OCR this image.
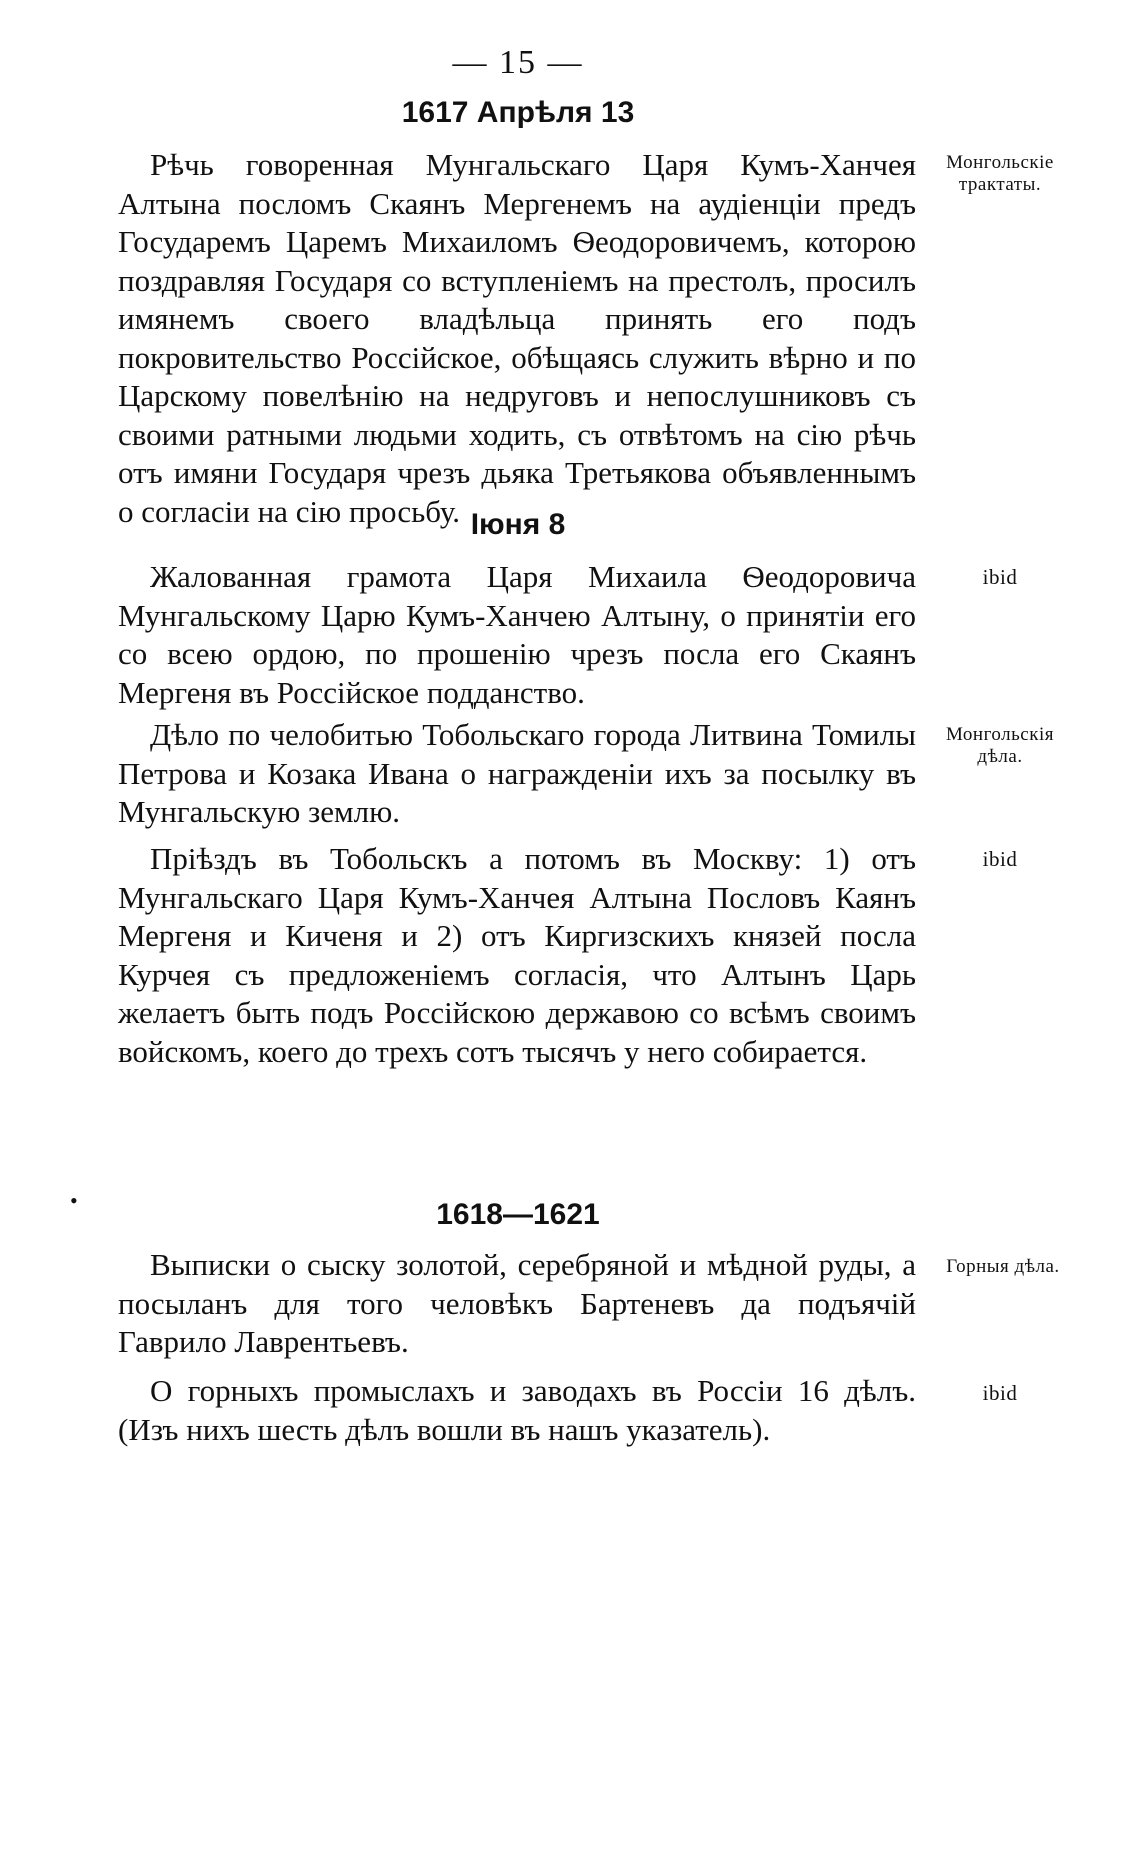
— 15 —
1617 Апрѣля 13

Рѣчь говоренная Мунгальскаго Царя Кумъ-Ханчея Алтына посломъ Скаянъ Мергенемъ на аудіенціи предъ Государемъ Царемъ Михаиломъ Ѳеодоровичемъ, которою поздравляя Государя со вступленіемъ на престолъ, просилъ имянемъ своего владѣльца принять его подъ покровительство Россійское, обѣщаясь служить вѣрно и по Царскому повелѣнію на недруговъ и непослушниковъ съ своими ратными людьми ходить, съ отвѣтомъ на сію рѣчь отъ имяни Государя чрезъ дьяка Третьякова объявленнымъ о согласіи на сію просьбу.

Монгольскіе трактаты.
Іюня 8

Жалованная грамота Царя Михаила Ѳеодоровича Мунгальскому Царю Кумъ-Ханчею Алтыну, о принятіи его со всею ордою, по прошенію чрезъ посла его Скаянъ Мергеня въ Россійское подданство.

ibid

Дѣло по челобитью Тобольскаго города Литвина Томилы Петрова и Козака Ивана о награжденіи ихъ за посылку въ Мунгальскую землю.

Монгольскія дѣла.

Пріѣздъ въ Тобольскъ а потомъ въ Москву: 1) отъ Мунгальскаго Царя Кумъ-Ханчея Алтына Пословъ Каянъ Мергеня и Киченя и 2) отъ Киргизскихъ князей посла Курчея съ предложеніемъ согласія, что Алтынъ Царь желаетъ быть подъ Россійскою державою со всѣмъ своимъ войскомъ, коего до трехъ сотъ тысячъ у него собирается.

ibid
•	1618—1621

Выписки о сыску золотой, серебряной и мѣдной руды, а посыланъ для того человѣкъ Бартеневъ да подъячій Гаврило Лаврентьевъ.

Горныя дѣла.

О горныхъ промыслахъ и заводахъ въ Россіи 16 дѣлъ. (Изъ нихъ шесть дѣлъ вошли въ нашъ указатель).

ibid
